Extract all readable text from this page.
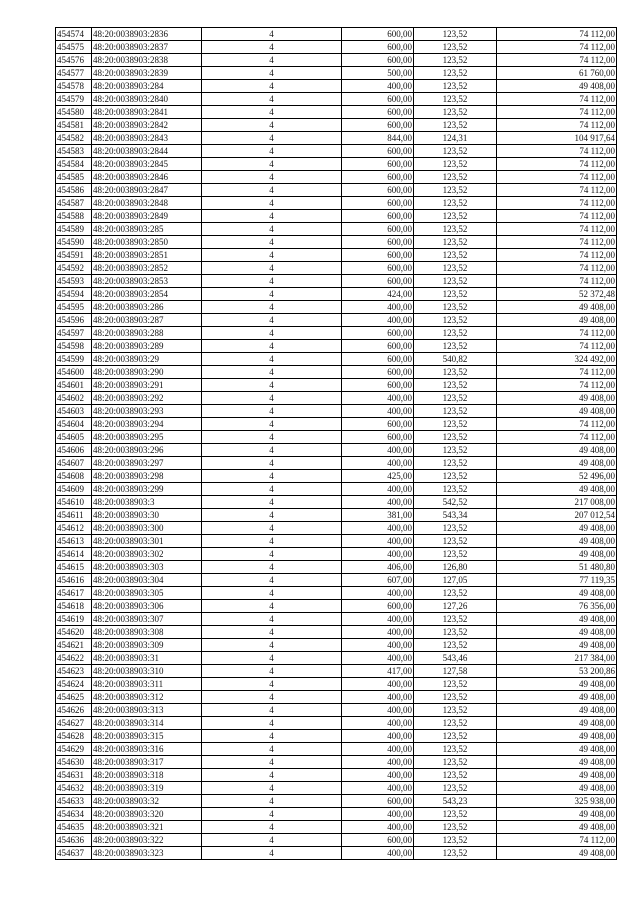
454574	48:20:0038903:2836	4	600,00	123,52	74 112,00
454575	48:20:0038903:2837	4	600,00	123,52	74 112,00
454576	48:20:0038903:2838	4	600,00	123,52	74 112,00
454577	48:20:0038903:2839	4	500,00	123,52	61 760,00
454578	48:20:0038903:284	4	400,00	123,52	49 408,00
454579	48:20:0038903:2840	4	600,00	123,52	74 112,00
454580	48:20:0038903:2841	4	600,00	123,52	74 112,00
454581	48:20:0038903:2842	4	600,00	123,52	74 112,00
454582	48:20:0038903:2843	4	844,00	124,31	104 917,64
454583	48:20:0038903:2844	4	600,00	123,52	74 112,00
454584	48:20:0038903:2845	4	600,00	123,52	74 112,00
454585	48:20:0038903:2846	4	600,00	123,52	74 112,00
454586	48:20:0038903:2847	4	600,00	123,52	74 112,00
454587	48:20:0038903:2848	4	600,00	123,52	74 112,00
454588	48:20:0038903:2849	4	600,00	123,52	74 112,00
454589	48:20:0038903:285	4	600,00	123,52	74 112,00
454590	48:20:0038903:2850	4	600,00	123,52	74 112,00
454591	48:20:0038903:2851	4	600,00	123,52	74 112,00
454592	48:20:0038903:2852	4	600,00	123,52	74 112,00
454593	48:20:0038903:2853	4	600,00	123,52	74 112,00
454594	48:20:0038903:2854	4	424,00	123,52	52 372,48
454595	48:20:0038903:286	4	400,00	123,52	49 408,00
454596	48:20:0038903:287	4	400,00	123,52	49 408,00
454597	48:20:0038903:288	4	600,00	123,52	74 112,00
454598	48:20:0038903:289	4	600,00	123,52	74 112,00
454599	48:20:0038903:29	4	600,00	540,82	324 492,00
454600	48:20:0038903:290	4	600,00	123,52	74 112,00
454601	48:20:0038903:291	4	600,00	123,52	74 112,00
454602	48:20:0038903:292	4	400,00	123,52	49 408,00
454603	48:20:0038903:293	4	400,00	123,52	49 408,00
454604	48:20:0038903:294	4	600,00	123,52	74 112,00
454605	48:20:0038903:295	4	600,00	123,52	74 112,00
454606	48:20:0038903:296	4	400,00	123,52	49 408,00
454607	48:20:0038903:297	4	400,00	123,52	49 408,00
454608	48:20:0038903:298	4	425,00	123,52	52 496,00
454609	48:20:0038903:299	4	400,00	123,52	49 408,00
454610	48:20:0038903:3	4	400,00	542,52	217 008,00
454611	48:20:0038903:30	4	381,00	543,34	207 012,54
454612	48:20:0038903:300	4	400,00	123,52	49 408,00
454613	48:20:0038903:301	4	400,00	123,52	49 408,00
454614	48:20:0038903:302	4	400,00	123,52	49 408,00
454615	48:20:0038903:303	4	406,00	126,80	51 480,80
454616	48:20:0038903:304	4	607,00	127,05	77 119,35
454617	48:20:0038903:305	4	400,00	123,52	49 408,00
454618	48:20:0038903:306	4	600,00	127,26	76 356,00
454619	48:20:0038903:307	4	400,00	123,52	49 408,00
454620	48:20:0038903:308	4	400,00	123,52	49 408,00
454621	48:20:0038903:309	4	400,00	123,52	49 408,00
454622	48:20:0038903:31	4	400,00	543,46	217 384,00
454623	48:20:0038903:310	4	417,00	127,58	53 200,86
454624	48:20:0038903:311	4	400,00	123,52	49 408,00
454625	48:20:0038903:312	4	400,00	123,52	49 408,00
454626	48:20:0038903:313	4	400,00	123,52	49 408,00
454627	48:20:0038903:314	4	400,00	123,52	49 408,00
454628	48:20:0038903:315	4	400,00	123,52	49 408,00
454629	48:20:0038903:316	4	400,00	123,52	49 408,00
454630	48:20:0038903:317	4	400,00	123,52	49 408,00
454631	48:20:0038903:318	4	400,00	123,52	49 408,00
454632	48:20:0038903:319	4	400,00	123,52	49 408,00
454633	48:20:0038903:32	4	600,00	543,23	325 938,00
454634	48:20:0038903:320	4	400,00	123,52	49 408,00
454635	48:20:0038903:321	4	400,00	123,52	49 408,00
454636	48:20:0038903:322	4	600,00	123,52	74 112,00
454637	48:20:0038903:323	4	400,00	123,52	49 408,00
